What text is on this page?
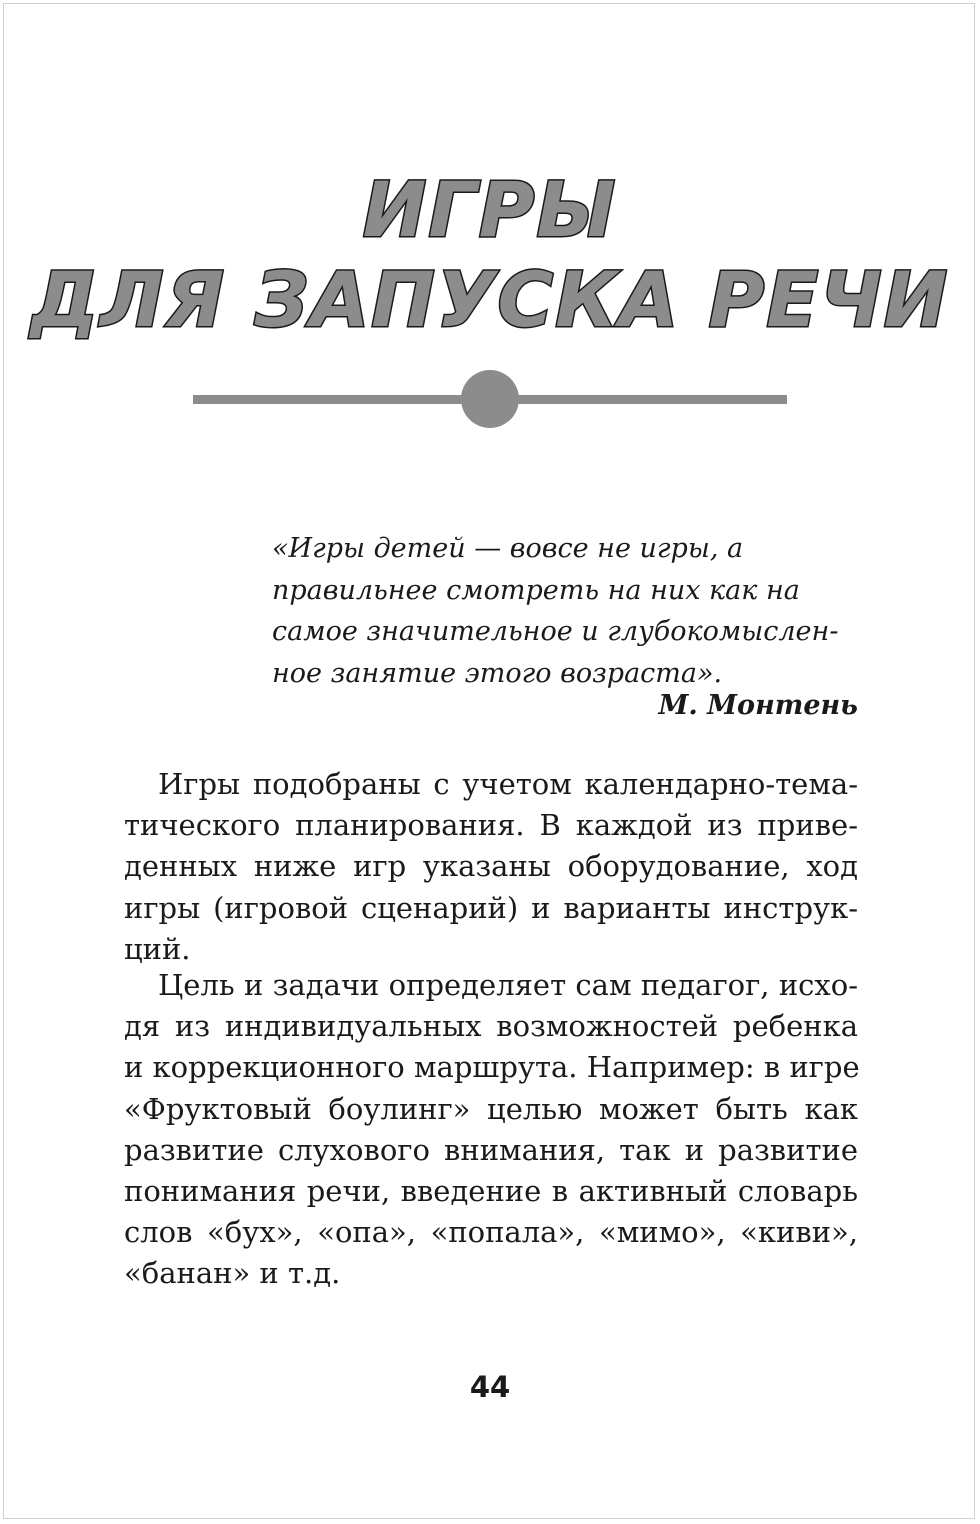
ИГРЫ
ДЛЯ ЗАПУСКА РЕЧИ
«Игры детей — вовсе не игры, а
правильнее смотреть на них как на
самое значительное и глубокомыслен-
ное занятие этого возраста».

М. Монтень

Игры подобраны с учетом календарно-тема-
тического планирования. В каждой из приве-
денных ниже игр указаны оборудование, ход
игры (игровой сценарий) и варианты инструк-
ций.
Цель и задачи определяет сам педагог, исхо-
дя из индивидуальных возможностей ребенка
и коррекционного маршрута. Например: в игре
«Фруктовый боулинг» целью может быть как
развитие слухового внимания, так и развитие
понимания речи, введение в активный словарь
слов «бух», «опа», «попала», «мимо», «киви»,
«банан» и т.д.

44
